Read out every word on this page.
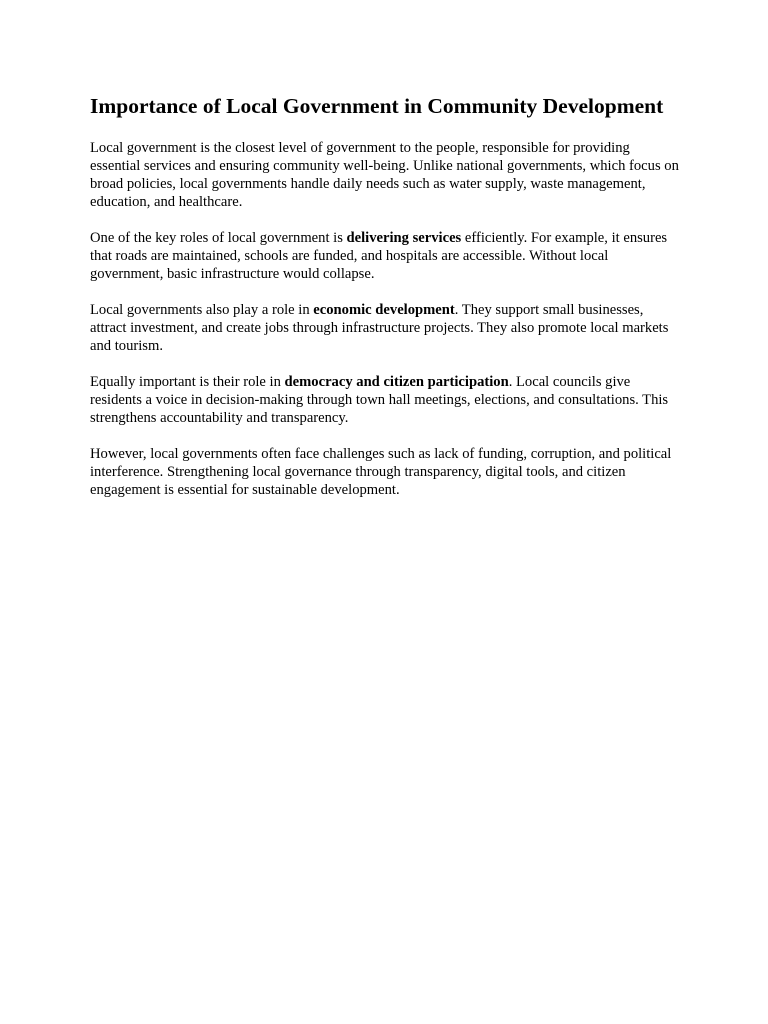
Importance of Local Government in Community Development

Local government is the closest level of government to the people, responsible for providing essential services and ensuring community well-being. Unlike national governments, which focus on broad policies, local governments handle daily needs such as water supply, waste management, education, and healthcare.

One of the key roles of local government is delivering services efficiently. For example, it ensures that roads are maintained, schools are funded, and hospitals are accessible. Without local government, basic infrastructure would collapse.

Local governments also play a role in economic development. They support small businesses, attract investment, and create jobs through infrastructure projects. They also promote local markets and tourism.

Equally important is their role in democracy and citizen participation. Local councils give residents a voice in decision-making through town hall meetings, elections, and consultations. This strengthens accountability and transparency.

However, local governments often face challenges such as lack of funding, corruption, and political interference. Strengthening local governance through transparency, digital tools, and citizen engagement is essential for sustainable development.
